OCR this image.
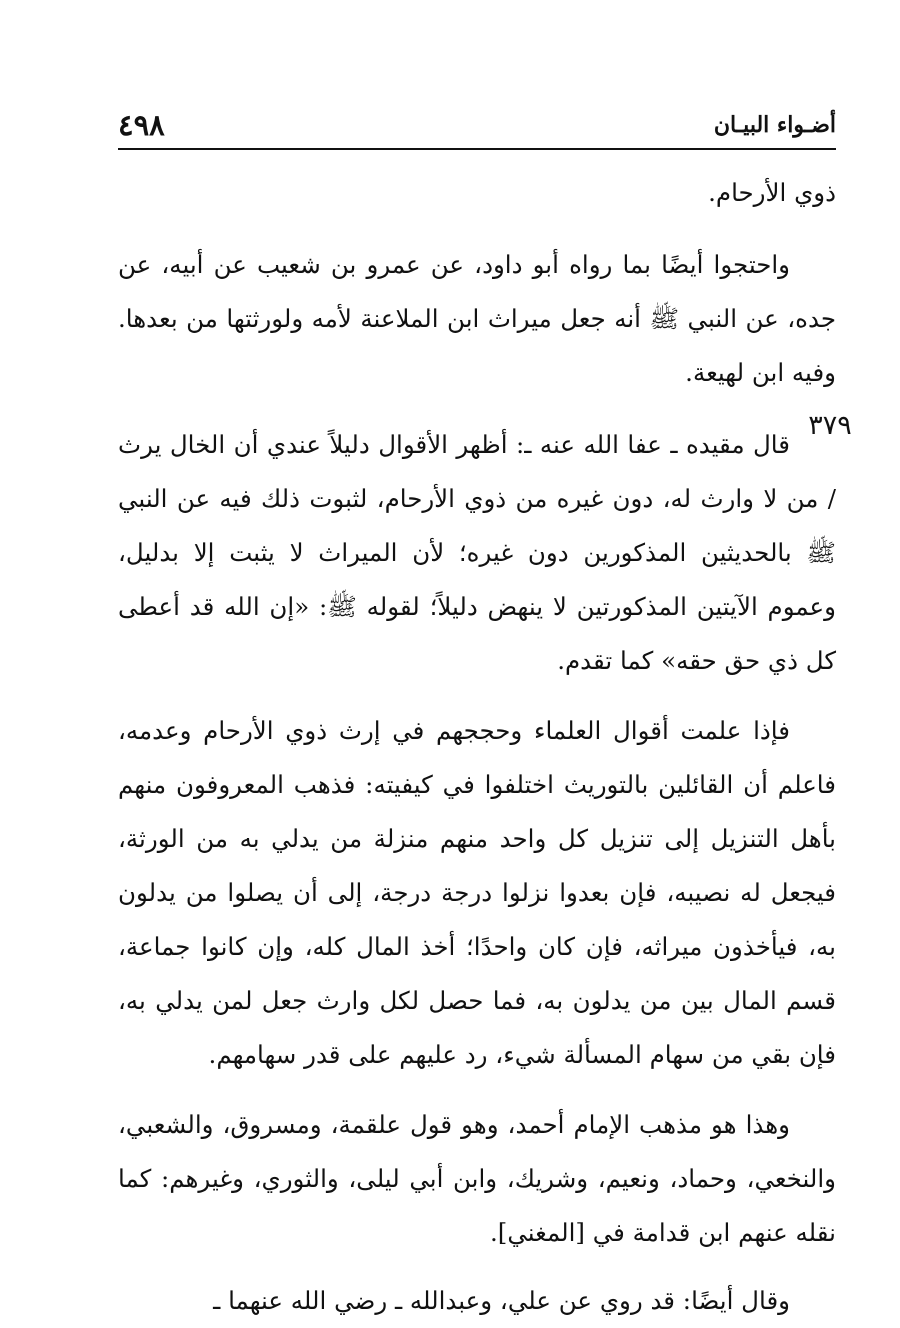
أضـواء البيـان
٤٩٨
٣٧٩

ذوي الأرحام.

واحتجوا أيضًا بما رواه أبو داود، عن عمرو بن شعيب عن أبيه، عن جده، عن النبي ﷺ أنه جعل ميراث ابن الملاعنة لأمه ولورثتها من بعدها. وفيه ابن لهيعة.

قال مقيده ـ عفا الله عنه ـ: أظهر الأقوال دليلاً عندي أن الخال يرث / من لا وارث له، دون غيره من ذوي الأرحام، لثبوت ذلك فيه عن النبي ﷺ بالحديثين المذكورين دون غيره؛ لأن الميراث لا يثبت إلا بدليل، وعموم الآيتين المذكورتين لا ينهض دليلاً؛ لقوله ﷺ: «إن الله قد أعطى كل ذي حق حقه» كما تقدم.

فإذا علمت أقوال العلماء وحججهم في إرث ذوي الأرحام وعدمه، فاعلم أن القائلين بالتوريث اختلفوا في كيفيته: فذهب المعروفون منهم بأهل التنزيل إلى تنزيل كل واحد منهم منزلة من يدلي به من الورثة، فيجعل له نصيبه، فإن بعدوا نزلوا درجة درجة، إلى أن يصلوا من يدلون به، فيأخذون ميراثه، فإن كان واحدًا؛ أخذ المال كله، وإن كانوا جماعة، قسم المال بين من يدلون به، فما حصل لكل وارث جعل لمن يدلي به، فإن بقي من سهام المسألة شيء، رد عليهم على قدر سهامهم.

وهذا هو مذهب الإمام أحمد، وهو قول علقمة، ومسروق، والشعبي، والنخعي، وحماد، ونعيم، وشريك، وابن أبي ليلى، والثوري، وغيرهم: كما نقله عنهم ابن قدامة في [المغني].

وقال أيضًا: قد روي عن علي، وعبدالله ـ رضي الله عنهما ـ
